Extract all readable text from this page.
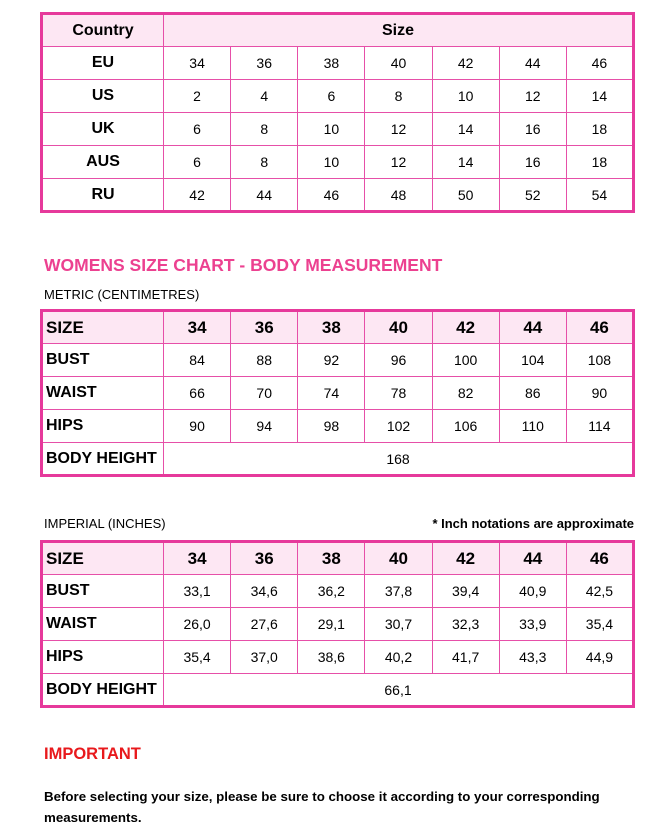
Country	Size						
EU	34	36	38	40	42	44	46
US	2	4	6	8	10	12	14
UK	6	8	10	12	14	16	18
AUS	6	8	10	12	14	16	18
RU	42	44	46	48	50	52	54
WOMENS SIZE CHART - BODY MEASUREMENT
METRIC (CENTIMETRES)
SIZE	34	36	38	40	42	44	46
BUST	84	88	92	96	100	104	108
WAIST	66	70	74	78	82	86	90
HIPS	90	94	98	102	106	110	114
BODY HEIGHT	168						
IMPERIAL (INCHES)	* Inch notations are approximate
SIZE	34	36	38	40	42	44	46
BUST	33,1	34,6	36,2	37,8	39,4	40,9	42,5
WAIST	26,0	27,6	29,1	30,7	32,3	33,9	35,4
HIPS	35,4	37,0	38,6	40,2	41,7	43,3	44,9
BODY HEIGHT	66,1						
IMPORTANT
Before selecting your size, please be sure to choose it according to your corresponding measurements.
